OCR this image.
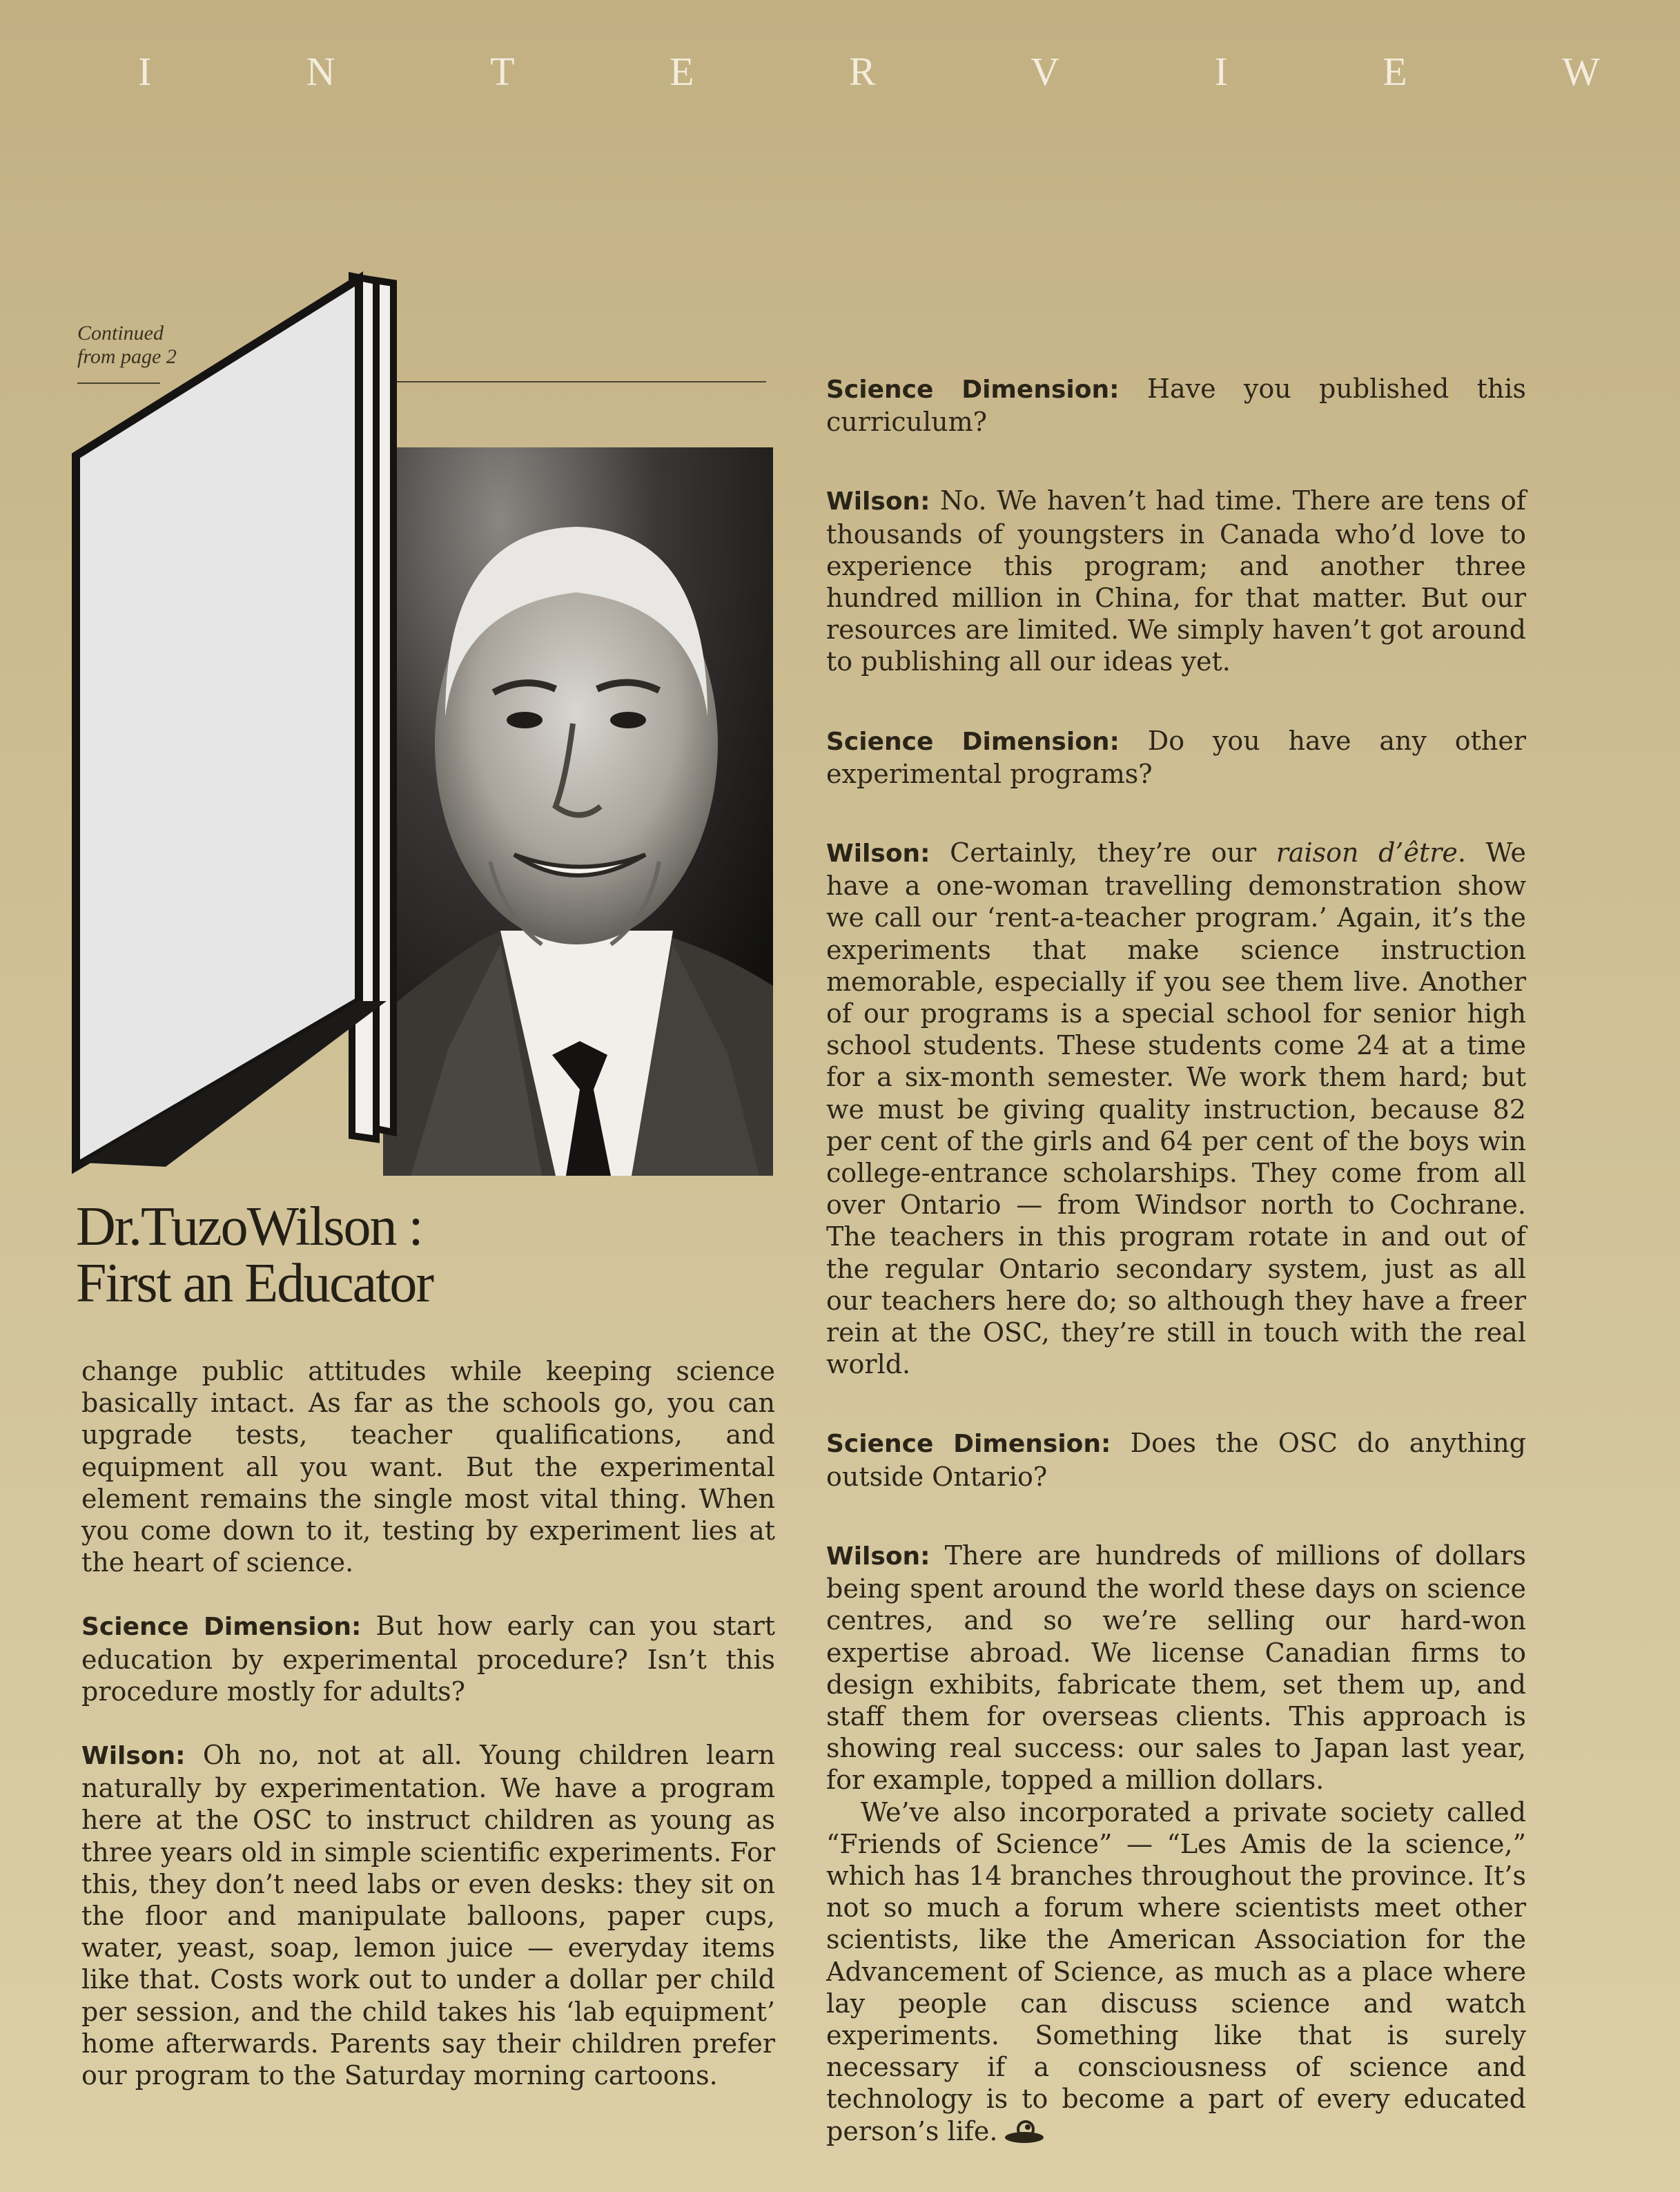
I	N	T	E	R	V	I	E	W
Continued
from page 2
Dr.TuzoWilson :
First an Educator

change public attitudes while keeping science basically intact. As far as the schools go, you can upgrade tests, teacher qualifications, and equipment all you want. But the experimental element remains the single most vital thing. When you come down to it, testing by experiment lies at the heart of science.

Science Dimension: But how early can you start education by experimental procedure? Isn’t this procedure mostly for adults?

Wilson: Oh no, not at all. Young children learn naturally by experimentation. We have a program here at the OSC to instruct children as young as three years old in simple scientific experiments. For this, they don’t need labs or even desks: they sit on the floor and manipulate balloons, paper cups, water, yeast, soap, lemon juice — everyday items like that. Costs work out to under a dollar per child per session, and the child takes his ‘lab equipment’ home afterwards. Parents say their children prefer our program to the Saturday morning cartoons.

Science Dimension: Have you published this curriculum?

Wilson: No. We haven’t had time. There are tens of thousands of youngsters in Canada who’d love to experience this program; and another three hundred million in China, for that matter. But our resources are limited. We simply haven’t got around to publishing all our ideas yet.

Science Dimension: Do you have any other experimental programs?

Wilson: Certainly, they’re our raison d’être. We have a one-woman travelling demonstration show we call our ‘rent-a-teacher program.’ Again, it’s the experiments that make science instruction memorable, especially if you see them live. Another of our programs is a special school for senior high school students. These students come 24 at a time for a six-month semester. We work them hard; but we must be giving quality instruction, because 82 per cent of the girls and 64 per cent of the boys win college-entrance scholarships. They come from all over Ontario — from Windsor north to Cochrane. The teachers in this program rotate in and out of the regular Ontario secondary system, just as all our teachers here do; so although they have a freer rein at the OSC, they’re still in touch with the real world.

Science Dimension: Does the OSC do anything outside Ontario?

Wilson: There are hundreds of millions of dollars being spent around the world these days on science centres, and so we’re selling our hard-won expertise abroad. We license Canadian firms to design exhibits, fabricate them, set them up, and staff them for overseas clients. This approach is showing real success: our sales to Japan last year, for example, topped a million dollars.

We’ve also incorporated a private society called “Friends of Science” — “Les Amis de la science,” which has 14 branches throughout the province. It’s not so much a forum where scientists meet other scientists, like the American Association for the Advancement of Science, as much as a place where lay people can discuss science and watch experiments. Something like that is surely necessary if a consciousness of science and technology is to become a part of every educated person’s life.
